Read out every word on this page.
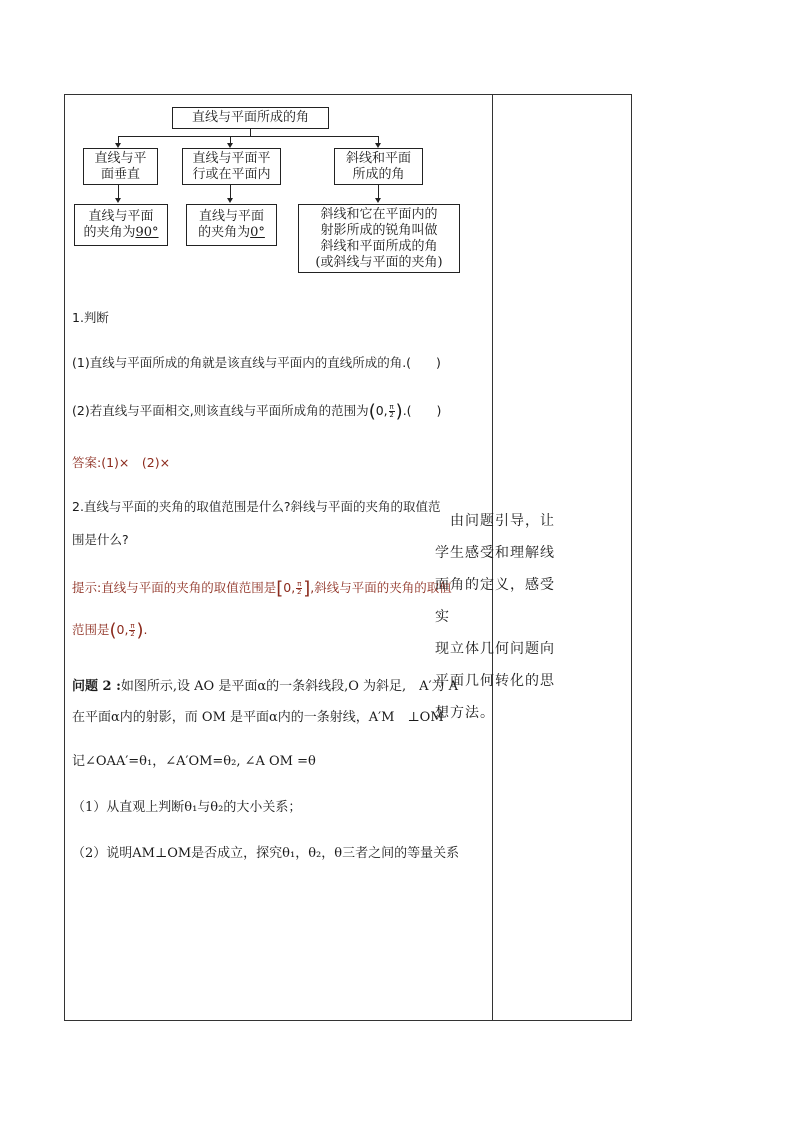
直线与平面所成的角
直线与平
面垂直
直线与平面平
行或在平面内
斜线和平面
所成的角
直线与平面
的夹角为90°
直线与平面
的夹角为0°
斜线和它在平面内的
射影所成的锐角叫做
斜线和平面所成的角
(或斜线与平面的夹角)
1.判断
(1)直线与平面所成的角就是该直线与平面内的直线所成的角.(　　)
(2)若直线与平面相交,则该直线与平面所成角的范围为(0, $\frac{\pi}{2}$ ).(　　)
答案:(1)×　(2)×
2.直线与平面的夹角的取值范围是什么?斜线与平面的夹角的取值范
围是什么?
提示:直线与平面的夹角的取值范围是[0, $\frac{\pi}{2}$ ],斜线与平面的夹角的取值
范围是(0, $\frac{\pi}{2}$ ).
问题 2 :如图所示,设 AO 是平面α的一条斜线段,O 为斜足,　A′为 A
在平面α内的射影，而 OM 是平面α内的一条射线，A′M　⊥OM
记∠OAA′=θ₁，∠A′OM=θ₂, ∠A OM =θ
（1）从直观上判断θ₁与θ₂的大小关系；
（2）说明AM⊥OM是否成立，探究θ₁，θ₂，θ三者之间的等量关系
　由问题引导，让
学生感受和理解线
面角的定义，感受实
现立体几何问题向
平面几何转化的思
想方法。
